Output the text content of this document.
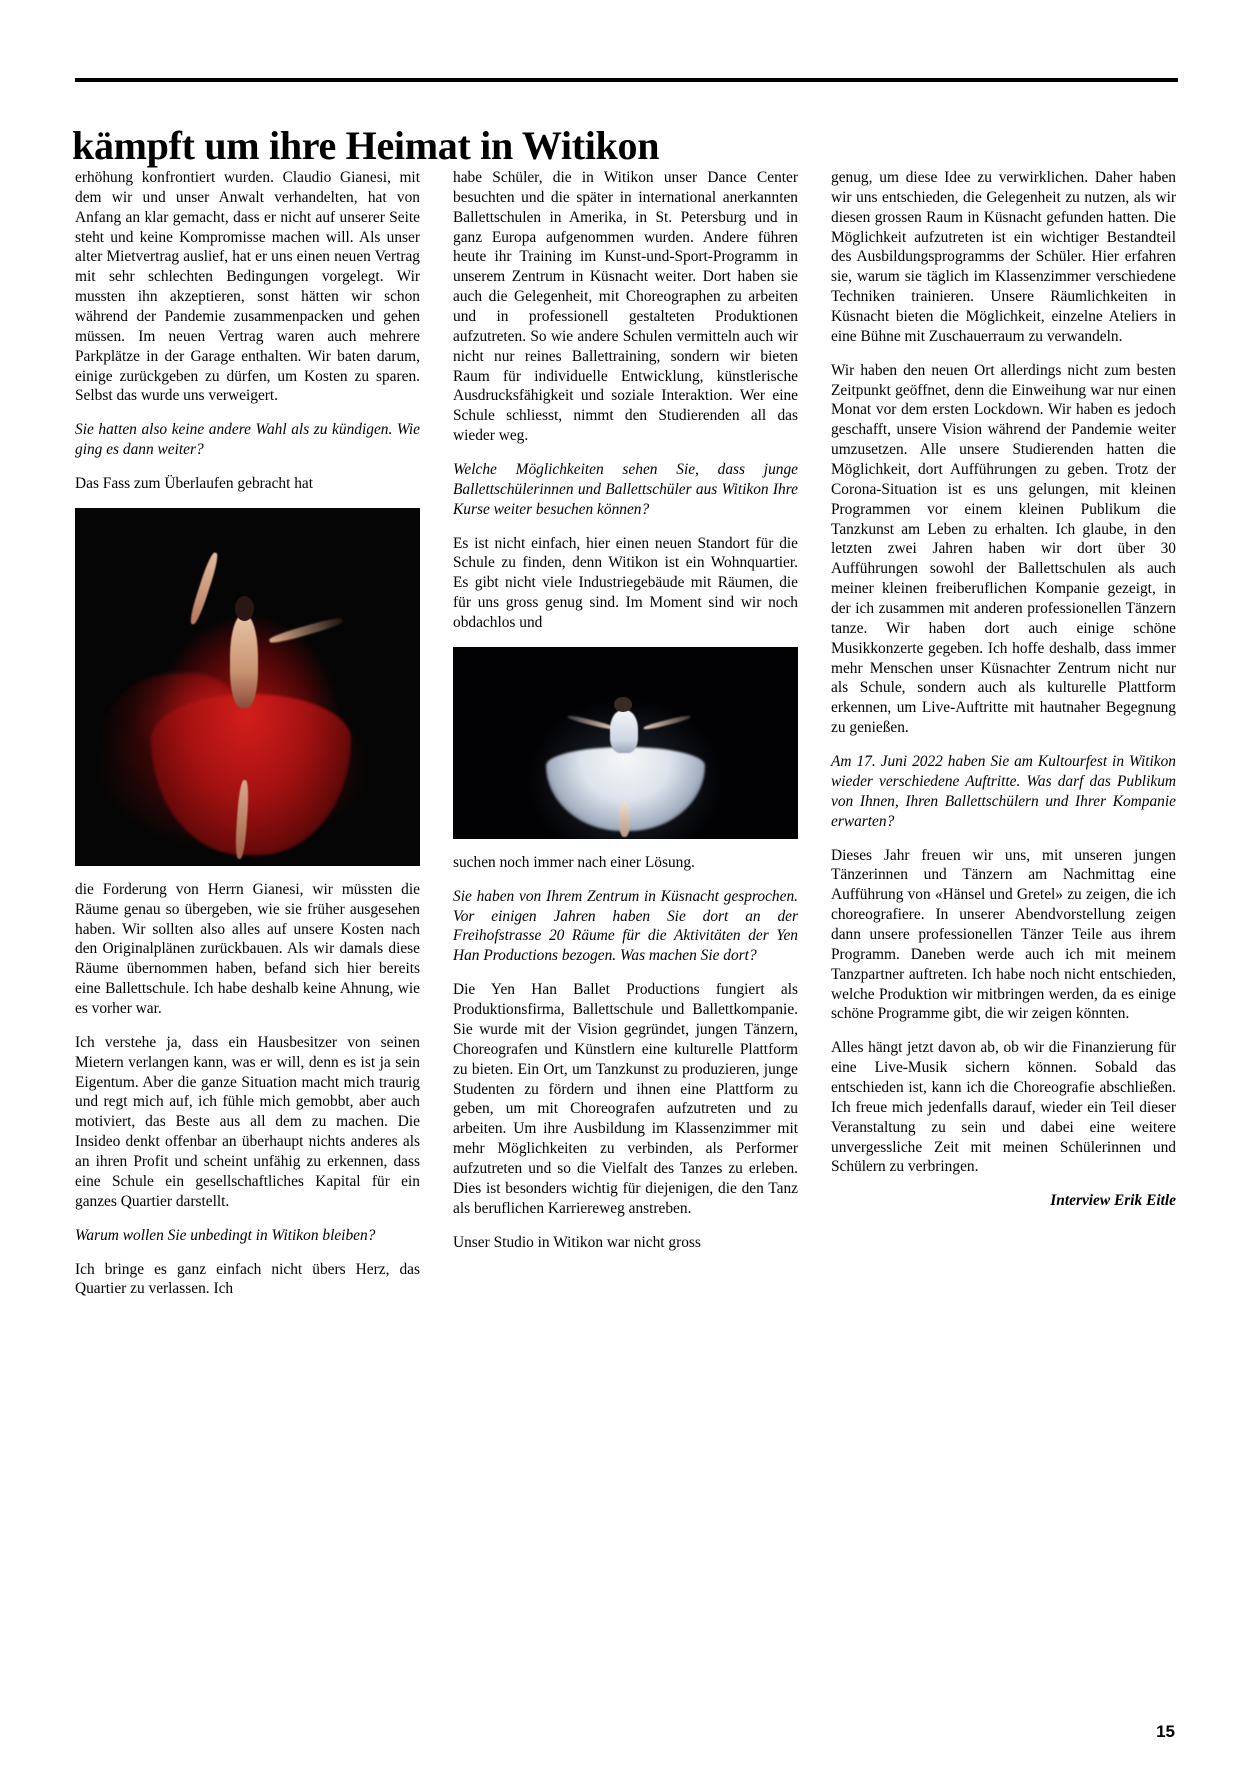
kämpft um ihre Heimat in Witikon

erhöhung konfrontiert wurden. Claudio Gianesi, mit dem wir und unser Anwalt verhandelten, hat von Anfang an klar gemacht, dass er nicht auf unserer Seite steht und keine Kompromisse machen will. Als unser alter Mietvertrag auslief, hat er uns einen neuen Vertrag mit sehr schlechten Bedingungen vorgelegt. Wir mussten ihn akzeptieren, sonst hätten wir schon während der Pandemie zusammenpacken und gehen müssen. Im neuen Vertrag waren auch mehrere Parkplätze in der Garage enthalten. Wir baten darum, einige zurückgeben zu dürfen, um Kosten zu sparen. Selbst das wurde uns verweigert.

Sie hatten also keine andere Wahl als zu kündigen. Wie ging es dann weiter?

Das Fass zum Überlaufen gebracht hat

die Forderung von Herrn Gianesi, wir müssten die Räume genau so übergeben, wie sie früher ausgesehen haben. Wir sollten also alles auf unsere Kosten nach den Originalplänen zurückbauen. Als wir damals diese Räume übernommen haben, befand sich hier bereits eine Ballettschule. Ich habe deshalb keine Ahnung, wie es vorher war.

Ich verstehe ja, dass ein Hausbesitzer von seinen Mietern verlangen kann, was er will, denn es ist ja sein Eigentum. Aber die ganze Situation macht mich traurig und regt mich auf, ich fühle mich gemobbt, aber auch motiviert, das Beste aus all dem zu machen. Die Insideo denkt offenbar an überhaupt nichts anderes als an ihren Profit und scheint unfähig zu erkennen, dass eine Schule ein gesellschaftliches Kapital für ein ganzes Quartier darstellt.

Warum wollen Sie unbedingt in Witikon bleiben?

Ich bringe es ganz einfach nicht übers Herz, das Quartier zu verlassen. Ich

habe Schüler, die in Witikon unser Dance Center besuchten und die später in international anerkannten Ballettschulen in Amerika, in St. Petersburg und in ganz Europa aufgenommen wurden. Andere führen heute ihr Training im Kunst-und-Sport-Programm in unserem Zentrum in Küsnacht weiter. Dort haben sie auch die Gelegenheit, mit Choreographen zu arbeiten und in professionell gestalteten Produktionen aufzutreten. So wie andere Schulen vermitteln auch wir nicht nur reines Ballettraining, sondern wir bieten Raum für individuelle Entwicklung, künstlerische Ausdrucksfähigkeit und soziale Interaktion. Wer eine Schule schliesst, nimmt den Studierenden all das wieder weg.

Welche Möglichkeiten sehen Sie, dass junge Ballettschülerinnen und Ballettschüler aus Witikon Ihre Kurse weiter besuchen können?

Es ist nicht einfach, hier einen neuen Standort für die Schule zu finden, denn Witikon ist ein Wohnquartier. Es gibt nicht viele Industriegebäude mit Räumen, die für uns gross genug sind. Im Moment sind wir noch obdachlos und

suchen noch immer nach einer Lösung.

Sie haben von Ihrem Zentrum in Küsnacht gesprochen. Vor einigen Jahren haben Sie dort an der Freihofstrasse 20 Räume für die Aktivitäten der Yen Han Productions bezogen. Was machen Sie dort?

Die Yen Han Ballet Productions fungiert als Produktionsfirma, Ballettschule und Ballettkompanie. Sie wurde mit der Vision gegründet, jungen Tänzern, Choreografen und Künstlern eine kulturelle Plattform zu bieten. Ein Ort, um Tanzkunst zu produzieren, junge Studenten zu fördern und ihnen eine Plattform zu geben, um mit Choreografen aufzutreten und zu arbeiten. Um ihre Ausbildung im Klassenzimmer mit mehr Möglichkeiten zu verbinden, als Performer aufzutreten und so die Vielfalt des Tanzes zu erleben. Dies ist besonders wichtig für diejenigen, die den Tanz als beruflichen Karriereweg anstreben.

Unser Studio in Witikon war nicht gross

genug, um diese Idee zu verwirklichen. Daher haben wir uns entschieden, die Gelegenheit zu nutzen, als wir diesen grossen Raum in Küsnacht gefunden hatten. Die Möglichkeit aufzutreten ist ein wichtiger Bestandteil des Ausbildungsprogramms der Schüler. Hier erfahren sie, warum sie täglich im Klassenzimmer verschiedene Techniken trainieren. Unsere Räumlichkeiten in Küsnacht bieten die Möglichkeit, einzelne Ateliers in eine Bühne mit Zuschauerraum zu verwandeln.

Wir haben den neuen Ort allerdings nicht zum besten Zeitpunkt geöffnet, denn die Einweihung war nur einen Monat vor dem ersten Lockdown. Wir haben es jedoch geschafft, unsere Vision während der Pandemie weiter umzusetzen. Alle unsere Studierenden hatten die Möglichkeit, dort Aufführungen zu geben. Trotz der Corona-Situation ist es uns gelungen, mit kleinen Programmen vor einem kleinen Publikum die Tanzkunst am Leben zu erhalten. Ich glaube, in den letzten zwei Jahren haben wir dort über 30 Aufführungen sowohl der Ballettschulen als auch meiner kleinen freiberuflichen Kompanie gezeigt, in der ich zusammen mit anderen professionellen Tänzern tanze. Wir haben dort auch einige schöne Musikkonzerte gegeben. Ich hoffe deshalb, dass immer mehr Menschen unser Küsnachter Zentrum nicht nur als Schule, sondern auch als kulturelle Plattform erkennen, um Live-Auftritte mit hautnaher Begegnung zu genießen.

Am 17. Juni 2022 haben Sie am Kultourfest in Witikon wieder verschiedene Auftritte. Was darf das Publikum von Ihnen, Ihren Ballettschülern und Ihrer Kompanie erwarten?

Dieses Jahr freuen wir uns, mit unseren jungen Tänzerinnen und Tänzern am Nachmittag eine Aufführung von «Hänsel und Gretel» zu zeigen, die ich choreografiere. In unserer Abendvorstellung zeigen dann unsere professionellen Tänzer Teile aus ihrem Programm. Daneben werde auch ich mit meinem Tanzpartner auftreten. Ich habe noch nicht entschieden, welche Produktion wir mitbringen werden, da es einige schöne Programme gibt, die wir zeigen könnten.

Alles hängt jetzt davon ab, ob wir die Finanzierung für eine Live-Musik sichern können. Sobald das entschieden ist, kann ich die Choreografie abschließen. Ich freue mich jedenfalls darauf, wieder ein Teil dieser Veranstaltung zu sein und dabei eine weitere unvergessliche Zeit mit meinen Schülerinnen und Schülern zu verbringen.

Interview Erik Eitle

15
